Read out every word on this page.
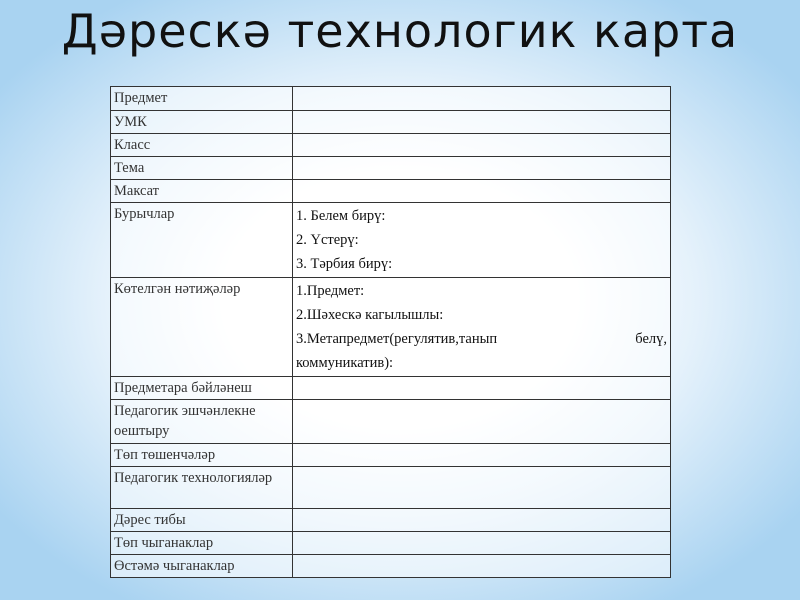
Дәрескә технологик карта
Предмет	
УМК	
Класс	
Тема	
Максат	
Бурычлар	1. Белем бирү:
2. Үстерү:
3. Тәрбия бирү:

Көтелгән нәтиҗәләр	1.Предмет:
2.Шәхескә кагылышлы:
3.Метапредмет(регулятив,танып белү,
коммуникатив):

Предметара бәйләнеш	
Педагогик эшчәнлекне оештыру	
Төп төшенчәләр	
Педагогик технологияләр	
Дәрес тибы	
Төп чыганаклар	
Өстәмә чыганаклар	
